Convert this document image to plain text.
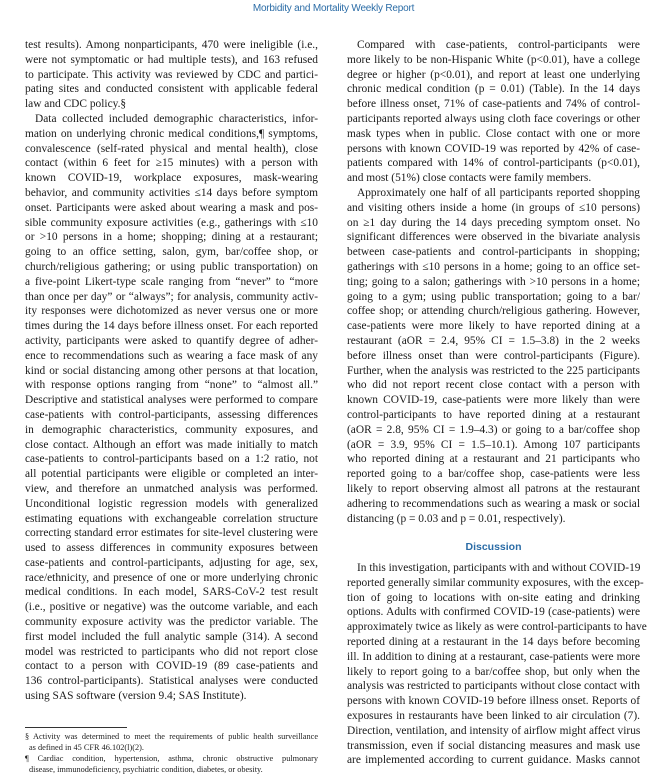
Morbidity and Mortality Weekly Report
test results). Among nonparticipants, 470 were ineligible (i.e.,
were not symptomatic or had multiple tests), and 163 refused
to participate. This activity was reviewed by CDC and partici-
pating sites and conducted consistent with applicable federal
law and CDC policy.§
Data collected included demographic characteristics, infor-
mation on underlying chronic medical conditions,¶ symptoms,
convalescence (self-rated physical and mental health), close
contact (within 6 feet for ≥15 minutes) with a person with
known COVID-19, workplace exposures, mask-wearing
behavior, and community activities ≤14 days before symptom
onset. Participants were asked about wearing a mask and pos-
sible community exposure activities (e.g., gatherings with ≤10
or >10 persons in a home; shopping; dining at a restaurant;
going to an office setting, salon, gym, bar/coffee shop, or
church/religious gathering; or using public transportation) on
a five-point Likert-type scale ranging from “never” to “more
than once per day” or “always”; for analysis, community activ-
ity responses were dichotomized as never versus one or more
times during the 14 days before illness onset. For each reported
activity, participants were asked to quantify degree of adher-
ence to recommendations such as wearing a face mask of any
kind or social distancing among other persons at that location,
with response options ranging from “none” to “almost all.”
Descriptive and statistical analyses were performed to compare
case-patients with control-participants, assessing differences
in demographic characteristics, community exposures, and
close contact. Although an effort was made initially to match
case-patients to control-participants based on a 1:2 ratio, not
all potential participants were eligible or completed an inter-
view, and therefore an unmatched analysis was performed.
Unconditional logistic regression models with generalized
estimating equations with exchangeable correlation structure
correcting standard error estimates for site-level clustering were
used to assess differences in community exposures between
case-patients and control-participants, adjusting for age, sex,
race/ethnicity, and presence of one or more underlying chronic
medical conditions. In each model, SARS-CoV-2 test result
(i.e., positive or negative) was the outcome variable, and each
community exposure activity was the predictor variable. The
first model included the full analytic sample (314). A second
model was restricted to participants who did not report close
contact to a person with COVID-19 (89 case-patients and
136 control-participants). Statistical analyses were conducted
using SAS software (version 9.4; SAS Institute).
Compared with case-patients, control-participants were
more likely to be non-Hispanic White (p<0.01), have a college
degree or higher (p<0.01), and report at least one underlying
chronic medical condition (p = 0.01) (Table). In the 14 days
before illness onset, 71% of case-patients and 74% of control-
participants reported always using cloth face coverings or other
mask types when in public. Close contact with one or more
persons with known COVID-19 was reported by 42% of case-
patients compared with 14% of control-participants (p<0.01),
and most (51%) close contacts were family members.
Approximately one half of all participants reported shopping
and visiting others inside a home (in groups of ≤10 persons)
on ≥1 day during the 14 days preceding symptom onset. No
significant differences were observed in the bivariate analysis
between case-patients and control-participants in shopping;
gatherings with ≤10 persons in a home; going to an office set-
ting; going to a salon; gatherings with >10 persons in a home;
going to a gym; using public transportation; going to a bar/
coffee shop; or attending church/religious gathering. However,
case-patients were more likely to have reported dining at a
restaurant (aOR = 2.4, 95% CI = 1.5–3.8) in the 2 weeks
before illness onset than were control-participants (Figure).
Further, when the analysis was restricted to the 225 participants
who did not report recent close contact with a person with
known COVID-19, case-patients were more likely than were
control-participants to have reported dining at a restaurant
(aOR = 2.8, 95% CI = 1.9–4.3) or going to a bar/coffee shop
(aOR = 3.9, 95% CI = 1.5–10.1). Among 107 participants
who reported dining at a restaurant and 21 participants who
reported going to a bar/coffee shop, case-patients were less
likely to report observing almost all patrons at the restaurant
adhering to recommendations such as wearing a mask or social
distancing (p = 0.03 and p = 0.01, respectively).
Discussion
In this investigation, participants with and without COVID-19
reported generally similar community exposures, with the excep-
tion of going to locations with on-site eating and drinking
options. Adults with confirmed COVID-19 (case-patients) were
approximately twice as likely as were control-participants to have
reported dining at a restaurant in the 14 days before becoming
ill. In addition to dining at a restaurant, case-patients were more
likely to report going to a bar/coffee shop, but only when the
analysis was restricted to participants without close contact with
persons with known COVID-19 before illness onset. Reports of
exposures in restaurants have been linked to air circulation (7).
Direction, ventilation, and intensity of airflow might affect virus
transmission, even if social distancing measures and mask use
are implemented according to current guidance. Masks cannot
§ Activity was determined to meet the requirements of public health surveillance
as defined in 45 CFR 46.102(l)(2).
¶ Cardiac condition, hypertension, asthma, chronic obstructive pulmonary
disease, immunodeficiency, psychiatric condition, diabetes, or obesity.
